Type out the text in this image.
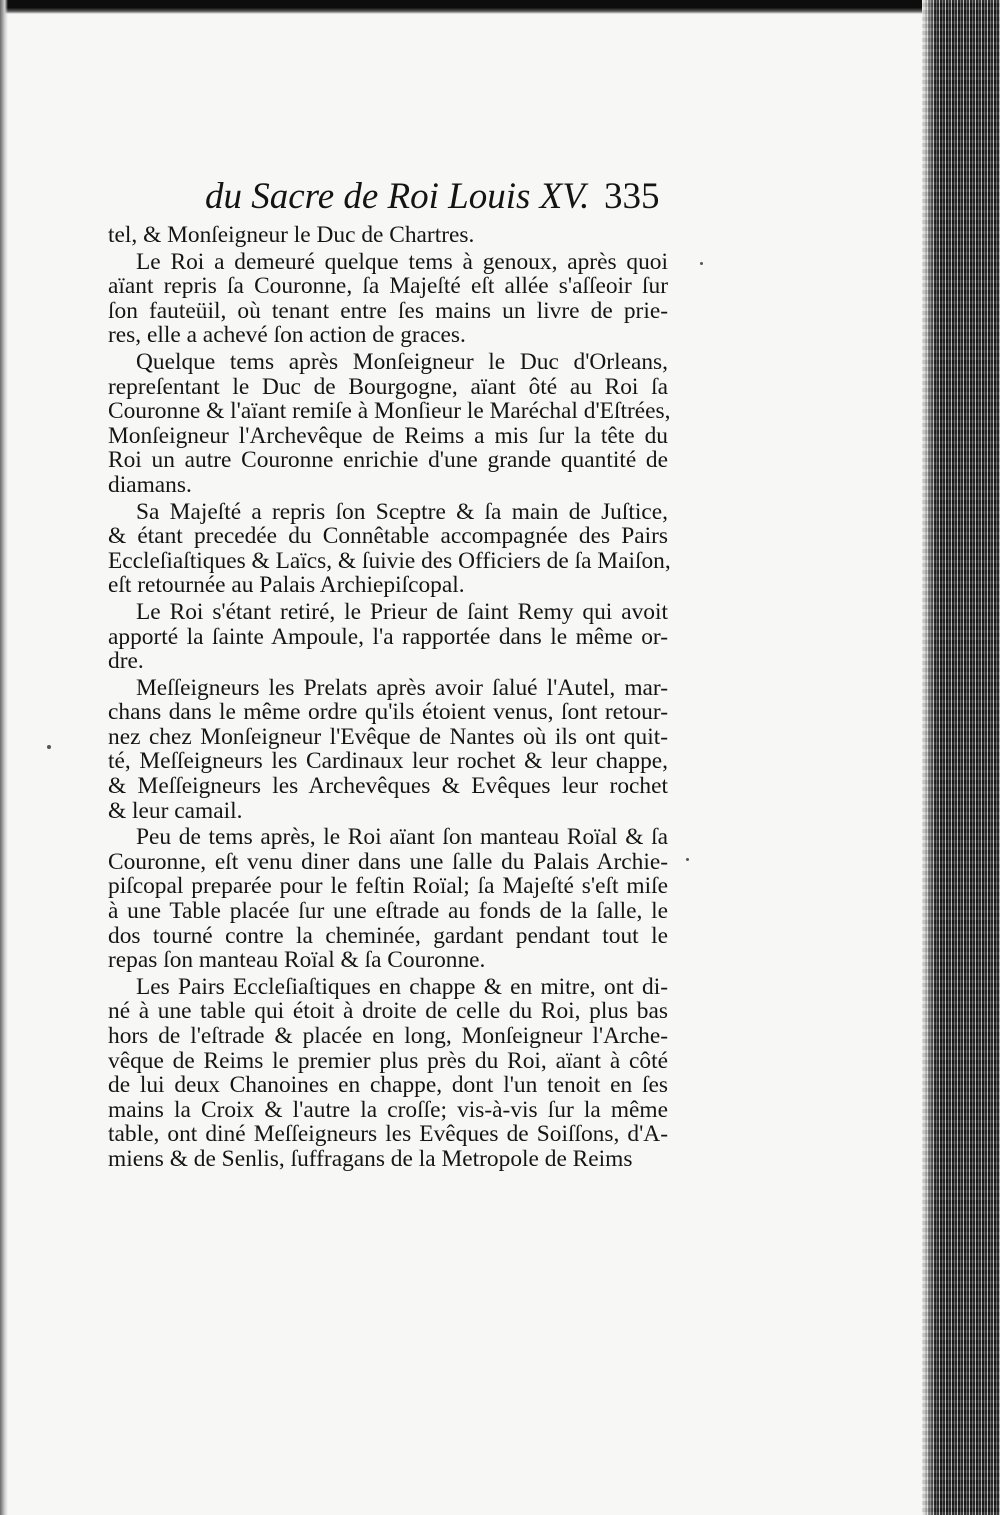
du Sacre de Roi Louis XV. 335
tel, & Monſeigneur le Duc de Chartres.
Le Roi a demeuré quelque tems à genoux, après quoi
aïant repris ſa Couronne, ſa Majeſté eſt allée s'aſſeoir ſur
ſon fauteüil, où tenant entre ſes mains un livre de prie-
res, elle a achevé ſon action de graces.
Quelque tems après Monſeigneur le Duc d'Orleans,
repreſentant le Duc de Bourgogne, aïant ôté au Roi ſa
Couronne & l'aïant remiſe à Monſieur le Maréchal d'Eſtrées,
Monſeigneur l'Archevêque de Reims a mis ſur la tête du
Roi un autre Couronne enrichie d'une grande quantité de
diamans.
Sa Majeſté a repris ſon Sceptre & ſa main de Juſtice,
& étant precedée du Connêtable accompagnée des Pairs
Eccleſiaſtiques & Laïcs, & ſuivie des Officiers de ſa Maiſon,
eſt retournée au Palais Archiepiſcopal.
Le Roi s'étant retiré, le Prieur de ſaint Remy qui avoit
apporté la ſainte Ampoule, l'a rapportée dans le même or-
dre.
Meſſeigneurs les Prelats après avoir ſalué l'Autel, mar-
chans dans le même ordre qu'ils étoient venus, ſont retour-
nez chez Monſeigneur l'Evêque de Nantes où ils ont quit-
té, Meſſeigneurs les Cardinaux leur rochet & leur chappe,
& Meſſeigneurs les Archevêques & Evêques leur rochet
& leur camail.
Peu de tems après, le Roi aïant ſon manteau Roïal & ſa
Couronne, eſt venu diner dans une ſalle du Palais Archie-
piſcopal preparée pour le feſtin Roïal; ſa Majeſté s'eſt miſe
à une Table placée ſur une eſtrade au fonds de la ſalle, le
dos tourné contre la cheminée, gardant pendant tout le
repas ſon manteau Roïal & ſa Couronne.
Les Pairs Eccleſiaſtiques en chappe & en mitre, ont di-
né à une table qui étoit à droite de celle du Roi, plus bas
hors de l'eſtrade & placée en long, Monſeigneur l'Arche-
vêque de Reims le premier plus près du Roi, aïant à côté
de lui deux Chanoines en chappe, dont l'un tenoit en ſes
mains la Croix & l'autre la croſſe; vis-à-vis ſur la même
table, ont diné Meſſeigneurs les Evêques de Soiſſons, d'A-
miens & de Senlis, ſuffragans de la Metropole de Reims
